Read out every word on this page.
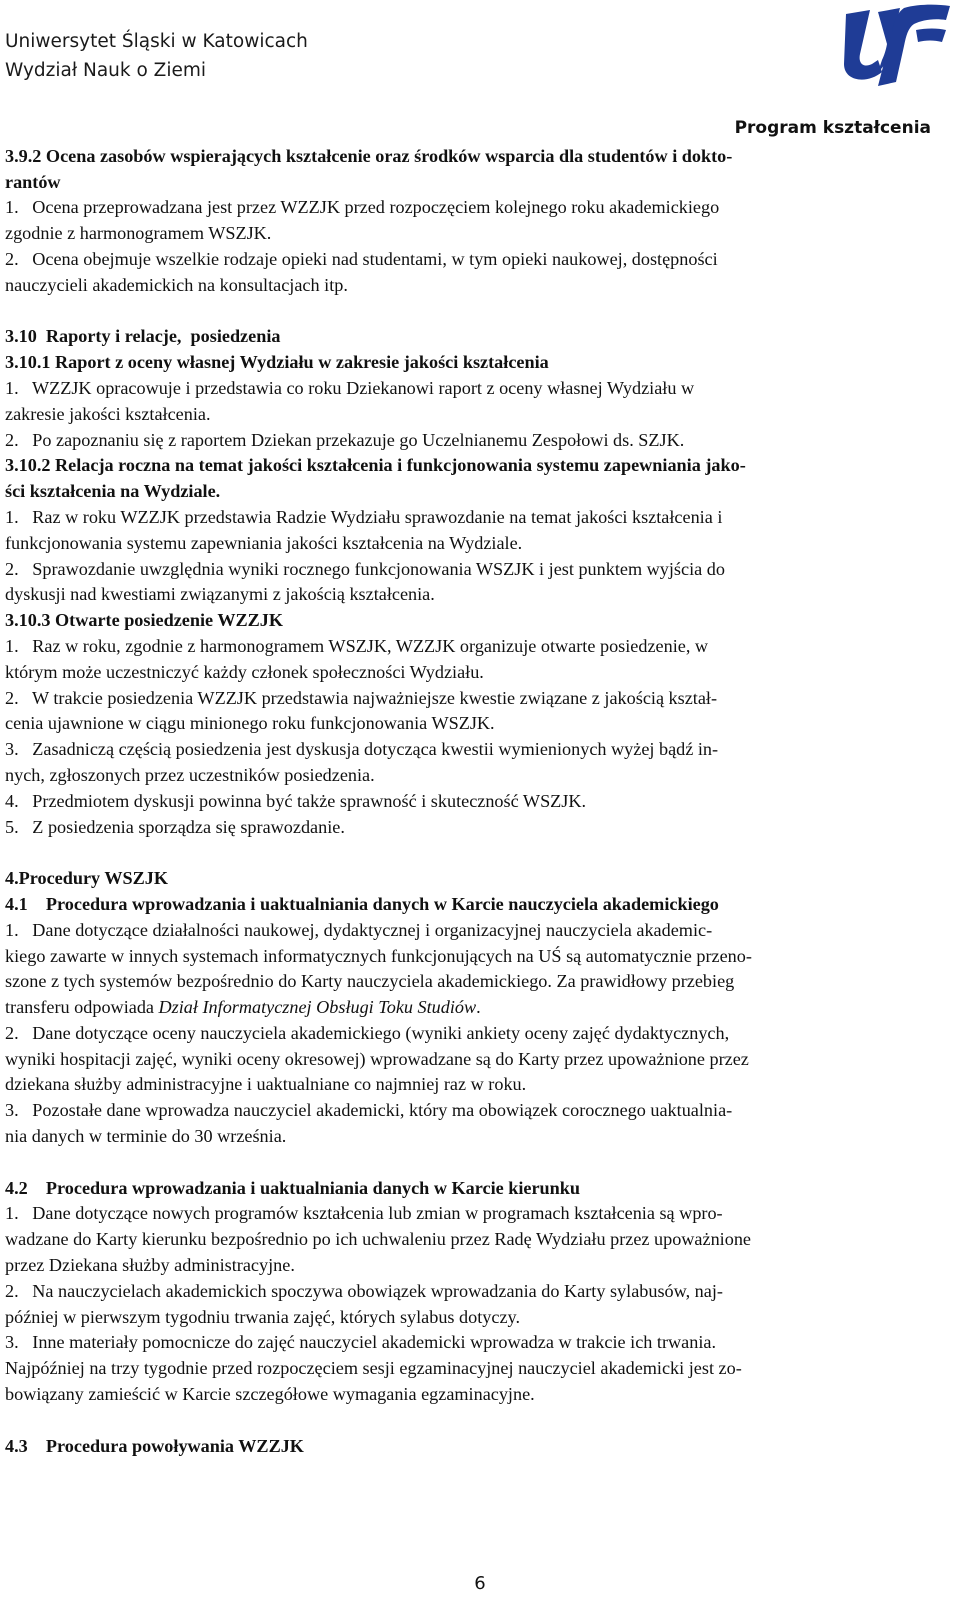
Uniwersytet Śląski w Katowicach
Wydział Nauk o Ziemi
Program kształcenia
3.9.2 Ocena zasobów wspierających kształcenie oraz środków wsparcia dla studentów i dokto-
rantów
1.   Ocena przeprowadzana jest przez WZZJK przed rozpoczęciem kolejnego roku akademickiego
zgodnie z harmonogramem WSZJK.
2.   Ocena obejmuje wszelkie rodzaje opieki nad studentami, w tym opieki naukowej, dostępności
nauczycieli akademickich na konsultacjach itp.
3.10  Raporty i relacje,  posiedzenia
3.10.1 Raport z oceny własnej Wydziału w zakresie jakości kształcenia
1.   WZZJK opracowuje i przedstawia co roku Dziekanowi raport z oceny własnej Wydziału w
zakresie jakości kształcenia.
2.   Po zapoznaniu się z raportem Dziekan przekazuje go Uczelnianemu Zespołowi ds. SZJK.
3.10.2 Relacja roczna na temat jakości kształcenia i funkcjonowania systemu zapewniania jako-
ści kształcenia na Wydziale.
1.   Raz w roku WZZJK przedstawia Radzie Wydziału sprawozdanie na temat jakości kształcenia i
funkcjonowania systemu zapewniania jakości kształcenia na Wydziale.
2.   Sprawozdanie uwzględnia wyniki rocznego funkcjonowania WSZJK i jest punktem wyjścia do
dyskusji nad kwestiami związanymi z jakością kształcenia.
3.10.3 Otwarte posiedzenie WZZJK
1.   Raz w roku, zgodnie z harmonogramem WSZJK, WZZJK organizuje otwarte posiedzenie, w
którym może uczestniczyć każdy członek społeczności Wydziału.
2.   W trakcie posiedzenia WZZJK przedstawia najważniejsze kwestie związane z jakością kształ-
cenia ujawnione w ciągu minionego roku funkcjonowania WSZJK.
3.   Zasadniczą częścią posiedzenia jest dyskusja dotycząca kwestii wymienionych wyżej bądź in-
nych, zgłoszonych przez uczestników posiedzenia.
4.   Przedmiotem dyskusji powinna być także sprawność i skuteczność WSZJK.
5.   Z posiedzenia sporządza się sprawozdanie.
4.Procedury WSZJK
4.1    Procedura wprowadzania i uaktualniania danych w Karcie nauczyciela akademickiego
1.   Dane dotyczące działalności naukowej, dydaktycznej i organizacyjnej nauczyciela akademic-
kiego zawarte w innych systemach informatycznych funkcjonujących na UŚ są automatycznie przeno-
szone z tych systemów bezpośrednio do Karty nauczyciela akademickiego. Za prawidłowy przebieg
transferu odpowiada Dział Informatycznej Obsługi Toku Studiów.
2.   Dane dotyczące oceny nauczyciela akademickiego (wyniki ankiety oceny zajęć dydaktycznych,
wyniki hospitacji zajęć, wyniki oceny okresowej) wprowadzane są do Karty przez upoważnione przez
dziekana służby administracyjne i uaktualniane co najmniej raz w roku.
3.   Pozostałe dane wprowadza nauczyciel akademicki, który ma obowiązek corocznego uaktualnia-
nia danych w terminie do 30 września.
4.2    Procedura wprowadzania i uaktualniania danych w Karcie kierunku
1.   Dane dotyczące nowych programów kształcenia lub zmian w programach kształcenia są wpro-
wadzane do Karty kierunku bezpośrednio po ich uchwaleniu przez Radę Wydziału przez upoważnione
przez Dziekana służby administracyjne.
2.   Na nauczycielach akademickich spoczywa obowiązek wprowadzania do Karty sylabusów, naj-
później w pierwszym tygodniu trwania zajęć, których sylabus dotyczy.
3.   Inne materiały pomocnicze do zajęć nauczyciel akademicki wprowadza w trakcie ich trwania.
Najpóźniej na trzy tygodnie przed rozpoczęciem sesji egzaminacyjnej nauczyciel akademicki jest zo-
bowiązany zamieścić w Karcie szczegółowe wymagania egzaminacyjne.
4.3    Procedura powoływania WZZJK
6
